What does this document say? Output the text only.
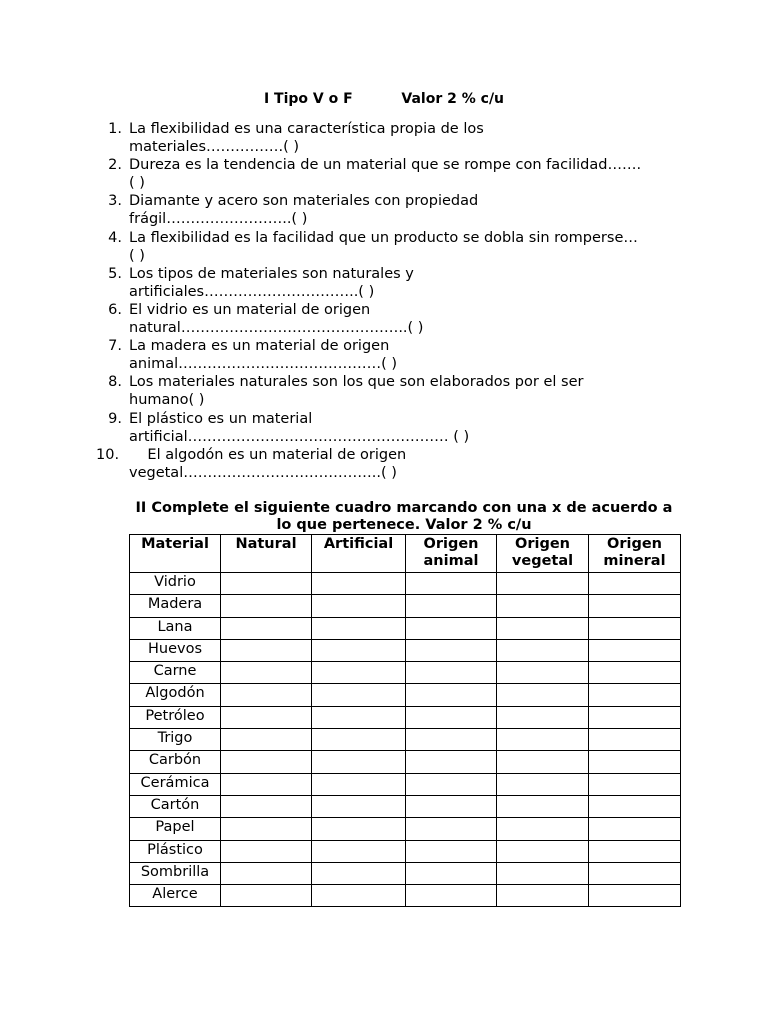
I Tipo V o F          Valor 2 % c/u
1. La flexibilidad es una característica propia de los
materiales…………….( )
2. Dureza es la tendencia de un material que se rompe con facilidad…….
( )
3. Diamante y acero son materiales con propiedad
frágil……………………..( )
4. La flexibilidad es la facilidad que un producto se dobla sin romperse…
( )
5. Los tipos de materiales son naturales y
artificiales…………………………..( )
6. El vidrio es un material de origen
natural………………………………………..( )
7. La madera es un material de origen
animal……………………………………( )
8. Los materiales naturales son los que son elaborados por el ser
humano( )
9. El plástico es un material
artificial……………………………………………… ( )
10. El algodón es un material de origen
vegetal…………………………………..( )
II Complete el siguiente cuadro marcando con una x de acuerdo a lo que pertenece. Valor 2 % c/u
Material	Natural	Artificial	Origen animal	Origen vegetal	Origen mineral
Vidrio					
Madera					
Lana					
Huevos					
Carne					
Algodón					
Petróleo					
Trigo					
Carbón					
Cerámica					
Cartón					
Papel					
Plástico					
Sombrilla					
Alerce					
